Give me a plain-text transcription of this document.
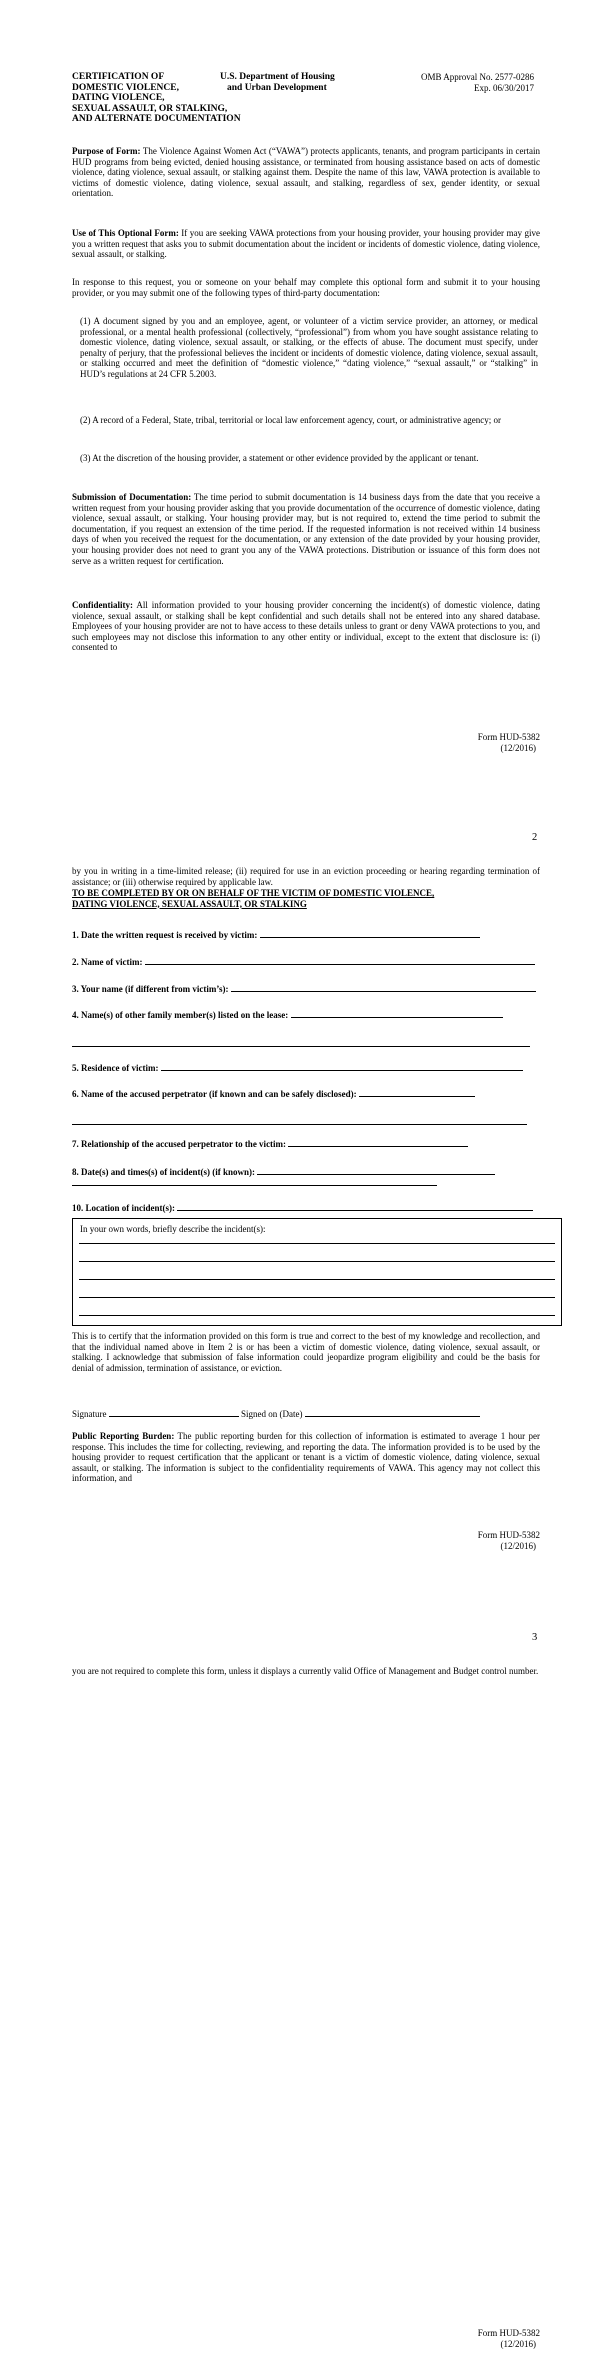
CERTIFICATION OF
DOMESTIC VIOLENCE,
DATING VIOLENCE,
SEXUAL ASSAULT, OR STALKING,
AND ALTERNATE DOCUMENTATION
U.S. Department of Housing
and Urban Development
OMB Approval No. 2577-0286
Exp. 06/30/2017

Purpose of Form: The Violence Against Women Act (“VAWA”) protects applicants, tenants, and program participants in certain HUD programs from being evicted, denied housing assistance, or terminated from housing assistance based on acts of domestic violence, dating violence, sexual assault, or stalking against them. Despite the name of this law, VAWA protection is available to victims of domestic violence, dating violence, sexual assault, and stalking, regardless of sex, gender identity, or sexual orientation.

Use of This Optional Form: If you are seeking VAWA protections from your housing provider, your housing provider may give you a written request that asks you to submit documentation about the incident or incidents of domestic violence, dating violence, sexual assault, or stalking.

In response to this request, you or someone on your behalf may complete this optional form and submit it to your housing provider, or you may submit one of the following types of third-party documentation:

(1) A document signed by you and an employee, agent, or volunteer of a victim service provider, an attorney, or medical professional, or a mental health professional (collectively, “professional”) from whom you have sought assistance relating to domestic violence, dating violence, sexual assault, or stalking, or the effects of abuse. The document must specify, under penalty of perjury, that the professional believes the incident or incidents of domestic violence, dating violence, sexual assault, or stalking occurred and meet the definition of “domestic violence,” “dating violence,” “sexual assault,” or “stalking” in HUD’s regulations at 24 CFR 5.2003.

(2) A record of a Federal, State, tribal, territorial or local law enforcement agency, court, or administrative agency; or

(3) At the discretion of the housing provider, a statement or other evidence provided by the applicant or tenant.

Submission of Documentation: The time period to submit documentation is 14 business days from the date that you receive a written request from your housing provider asking that you provide documentation of the occurrence of domestic violence, dating violence, sexual assault, or stalking. Your housing provider may, but is not required to, extend the time period to submit the documentation, if you request an extension of the time period. If the requested information is not received within 14 business days of when you received the request for the documentation, or any extension of the date provided by your housing provider, your housing provider does not need to grant you any of the VAWA protections. Distribution or issuance of this form does not serve as a written request for certification.

Confidentiality: All information provided to your housing provider concerning the incident(s) of domestic violence, dating violence, sexual assault, or stalking shall be kept confidential and such details shall not be entered into any shared database. Employees of your housing provider are not to have access to these details unless to grant or deny VAWA protections to you, and such employees may not disclose this information to any other entity or individual, except to the extent that disclosure is: (i) consented to

Form HUD-5382
(12/2016)
2

by you in writing in a time-limited release; (ii) required for use in an eviction proceeding or hearing regarding termination of assistance; or (iii) otherwise required by applicable law.

TO BE COMPLETED BY OR ON BEHALF OF THE VICTIM OF DOMESTIC VIOLENCE,
DATING VIOLENCE, SEXUAL ASSAULT, OR STALKING
1. Date the written request is received by victim:
2. Name of victim:
3. Your name (if different from victim’s):
4. Name(s) of other family member(s) listed on the lease:
5. Residence of victim:
6. Name of the accused perpetrator (if known and can be safely disclosed):
7. Relationship of the accused perpetrator to the victim:
8. Date(s) and times(s) of incident(s) (if known):
10. Location of incident(s):
In your own words, briefly describe the incident(s):

This is to certify that the information provided on this form is true and correct to the best of my knowledge and recollection, and that the individual named above in Item 2 is or has been a victim of domestic violence, dating violence, sexual assault, or stalking. I acknowledge that submission of false information could jeopardize program eligibility and could be the basis for denial of admission, termination of assistance, or eviction.

Signature	Signed on (Date)

Public Reporting Burden: The public reporting burden for this collection of information is estimated to average 1 hour per response. This includes the time for collecting, reviewing, and reporting the data. The information provided is to be used by the housing provider to request certification that the applicant or tenant is a victim of domestic violence, dating violence, sexual assault, or stalking. The information is subject to the confidentiality requirements of VAWA. This agency may not collect this information, and

Form HUD-5382
(12/2016)
3

you are not required to complete this form, unless it displays a currently valid Office of Management and Budget control number.

Form HUD-5382
(12/2016)
